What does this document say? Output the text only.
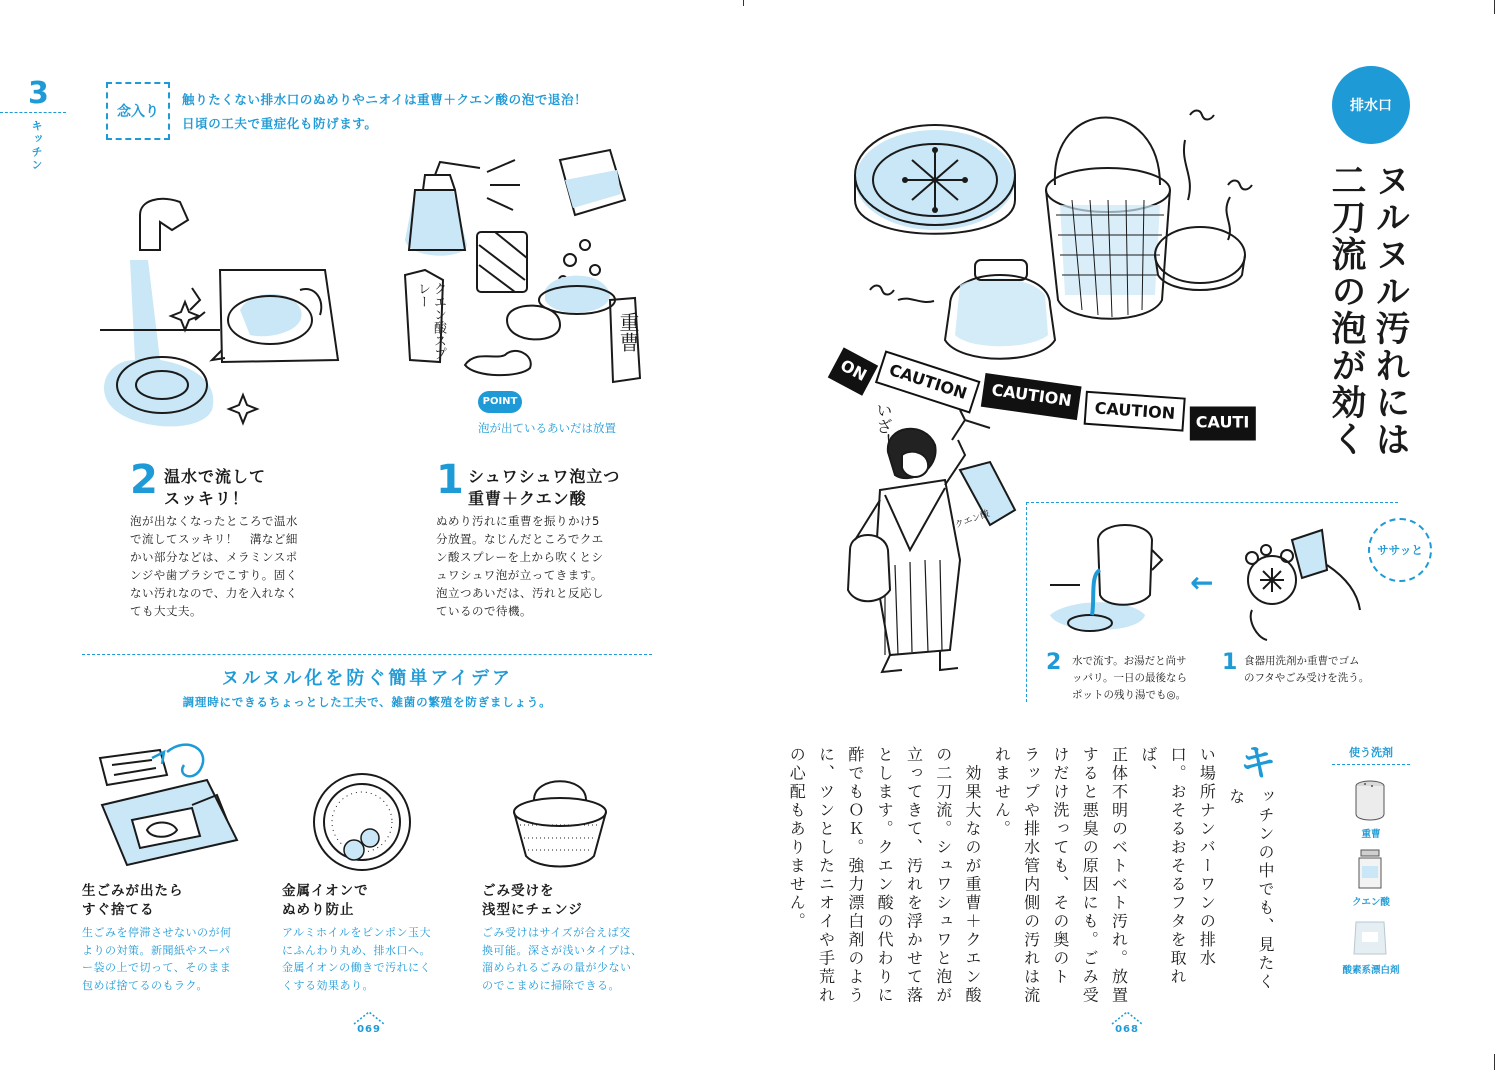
3
キッチン
念入り
触りたくない排水口のぬめりやニオイは重曹＋クエン酸の泡で退治！
日頃の工夫で重症化も防げます。
クエン酸スプレー
重曹
POINT
泡が出ているあいだは放置
2 温水で流して
スッキリ！
泡が出なくなったところで温水
で流してスッキリ！　溝など細
かい部分などは、メラミンスポ
ンジや歯ブラシでこすり。固く
ない汚れなので、力を入れなく
ても大丈夫。
1 シュワシュワ泡立つ
重曹＋クエン酸
ぬめり汚れに重曹を振りかけ5
分放置。なじんだところでクエ
ン酸スプレーを上から吹くとシ
ュワシュワ泡が立ってきます。
泡立つあいだは、汚れと反応し
ているので待機。
ヌルヌル化を防ぐ簡単アイデア
調理時にできるちょっとした工夫で、雑菌の繁殖を防ぎましょう。
生ごみが出たら
すぐ捨てる
生ごみを停滞させないのが何
よりの対策。新聞紙やスーパ
ー袋の上で切って、そのまま
包めば捨てるのもラク。
金属イオンで
ぬめり防止
アルミホイルをピンポン玉大
にふんわり丸め、排水口へ。
金属イオンの働きで汚れにく
くする効果あり。
ごみ受けを
浅型にチェンジ
ごみ受けはサイズが合えば交
換可能。深さが浅いタイプは、
溜められるごみの量が少ない
のでこまめに掃除できる。
069
排水口
ヌルヌル汚れには
二刀流の泡が効く
ON	CAUTION	CAUTION
CAUTION	CAUTI
いざ！
クエン酸
ササッと
←
2 水で流す。お湯だと尚サ
ッパリ。一日の最後なら
ポットの残り湯でも◎。
1 食器用洗剤か重曹でゴム
のフタやごみ受けを洗う。
キ
ッチンの中でも、見たくな
い場所ナンバーワンの排水
口。おそるおそるフタを取れば、
正体不明のベトベト汚れ。放置
すると悪臭の原因にも。ごみ受
けだけ洗っても、その奥のト
ラップや排水管内側の汚れは流
れません。
　効果大なのが重曹＋クエン酸
の二刀流。シュワシュワと泡が
立ってきて、汚れを浮かせて落
とします。クエン酸の代わりに
酢でもＯＫ。強力漂白剤のよう
に、ツンとしたニオイや手荒れ
の心配もありません。	使う洗剤
重曹
クエン酸
酸素系漂白剤
068
